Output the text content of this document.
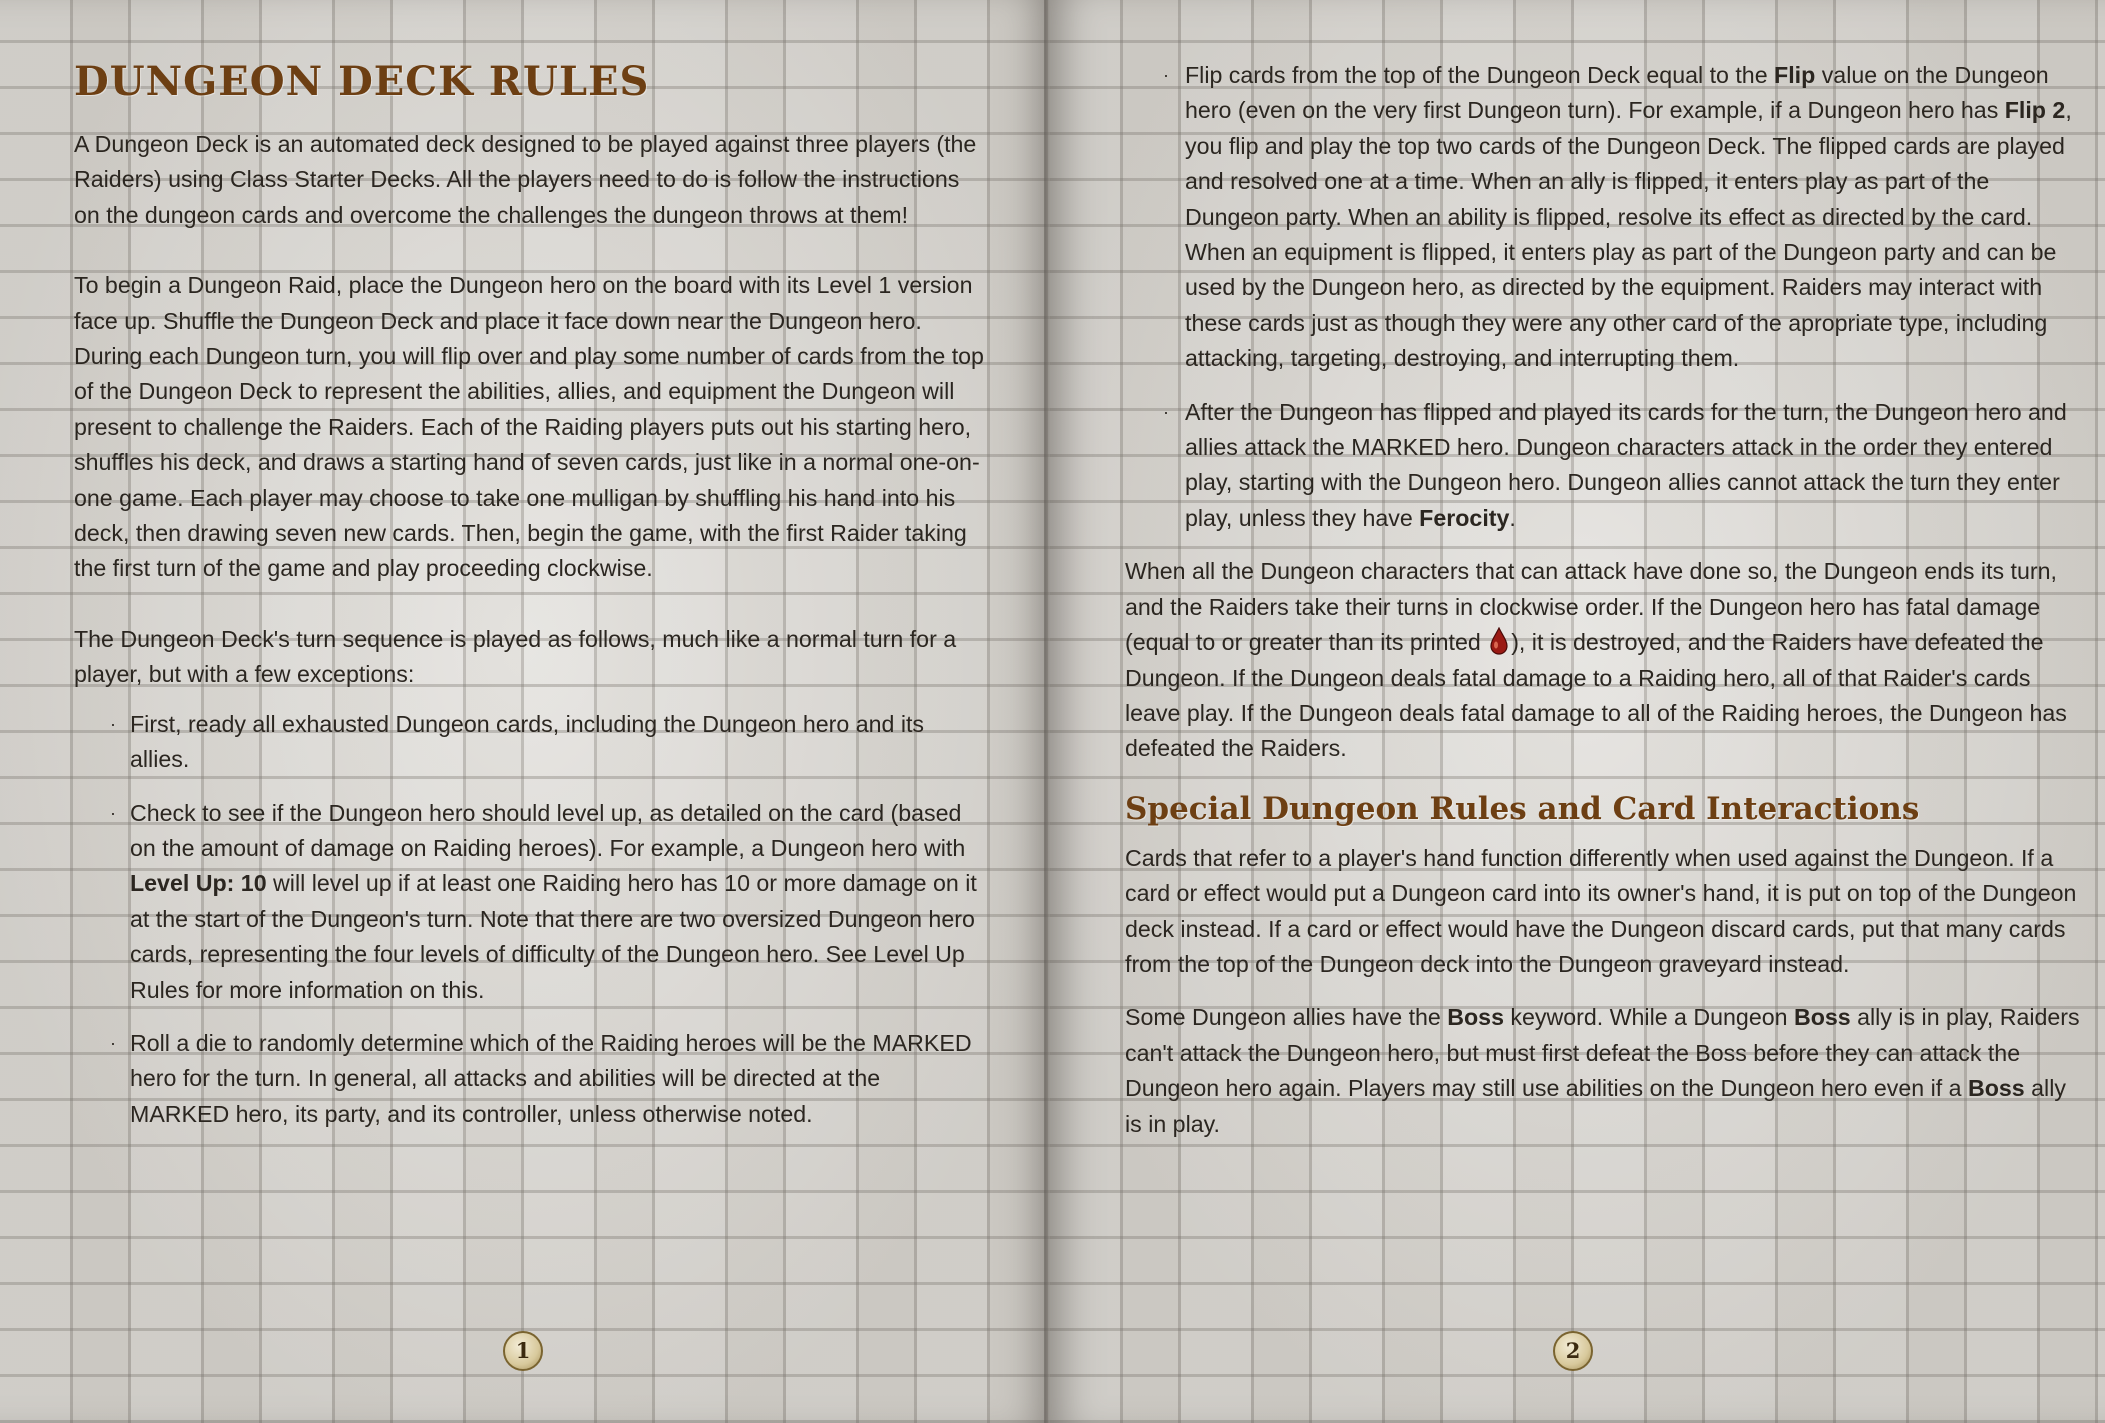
DUNGEON DECK RULES

A Dungeon Deck is an automated deck designed to be played against three players (the Raiders) using Class Starter Decks. All the players need to do is follow the instructions on the dungeon cards and overcome the challenges the dungeon throws at them!

To begin a Dungeon Raid, place the Dungeon hero on the board with its Level 1 version face up. Shuffle the Dungeon Deck and place it face down near the Dungeon hero. During each Dungeon turn, you will flip over and play some number of cards from the top of the Dungeon Deck to represent the abilities, allies, and equipment the Dungeon will present to challenge the Raiders. Each of the Raiding players puts out his starting hero, shuffles his deck, and draws a starting hand of seven cards, just like in a normal one-on-one game. Each player may choose to take one mulligan by shuffling his hand into his deck, then drawing seven new cards. Then, begin the game, with the first Raider taking the first turn of the game and play proceeding clockwise.

The Dungeon Deck's turn sequence is played as follows, much like a normal turn for a player, but with a few exceptions:

· First, ready all exhausted Dungeon cards, including the Dungeon hero and its allies.
· Check to see if the Dungeon hero should level up, as detailed on the card (based on the amount of damage on Raiding heroes). For example, a Dungeon hero with Level Up: 10 will level up if at least one Raiding hero has 10 or more damage on it at the start of the Dungeon's turn. Note that there are two oversized Dungeon hero cards, representing the four levels of difficulty of the Dungeon hero. See Level Up Rules for more information on this.
· Roll a die to randomly determine which of the Raiding heroes will be the MARKED hero for the turn. In general, all attacks and abilities will be directed at the MARKED hero, its party, and its controller, unless otherwise noted.
1
· Flip cards from the top of the Dungeon Deck equal to the Flip value on the Dungeon hero (even on the very first Dungeon turn). For example, if a Dungeon hero has Flip 2, you flip and play the top two cards of the Dungeon Deck. The flipped cards are played and resolved one at a time. When an ally is flipped, it enters play as part of the Dungeon party. When an ability is flipped, resolve its effect as directed by the card. When an equipment is flipped, it enters play as part of the Dungeon party and can be used by the Dungeon hero, as directed by the equipment. Raiders may interact with these cards just as though they were any other card of the apropriate type, including attacking, targeting, destroying, and interrupting them.
· After the Dungeon has flipped and played its cards for the turn, the Dungeon hero and allies attack the MARKED hero. Dungeon characters attack in the order they entered play, starting with the Dungeon hero. Dungeon allies cannot attack the turn they enter play, unless they have Ferocity.

When all the Dungeon characters that can attack have done so, the Dungeon ends its turn, and the Raiders take their turns in clockwise order. If the Dungeon hero has fatal damage (equal to or greater than its printed ), it is destroyed, and the Raiders have defeated the Dungeon. If the Dungeon deals fatal damage to a Raiding hero, all of that Raider's cards leave play. If the Dungeon deals fatal damage to all of the Raiding heroes, the Dungeon has defeated the Raiders.

Special Dungeon Rules and Card Interactions

Cards that refer to a player's hand function differently when used against the Dungeon. If a card or effect would put a Dungeon card into its owner's hand, it is put on top of the Dungeon deck instead. If a card or effect would have the Dungeon discard cards, put that many cards from the top of the Dungeon deck into the Dungeon graveyard instead.

Some Dungeon allies have the Boss keyword. While a Dungeon Boss ally is in play, Raiders can't attack the Dungeon hero, but must first defeat the Boss before they can attack the Dungeon hero again. Players may still use abilities on the Dungeon hero even if a Boss ally is in play.

2
